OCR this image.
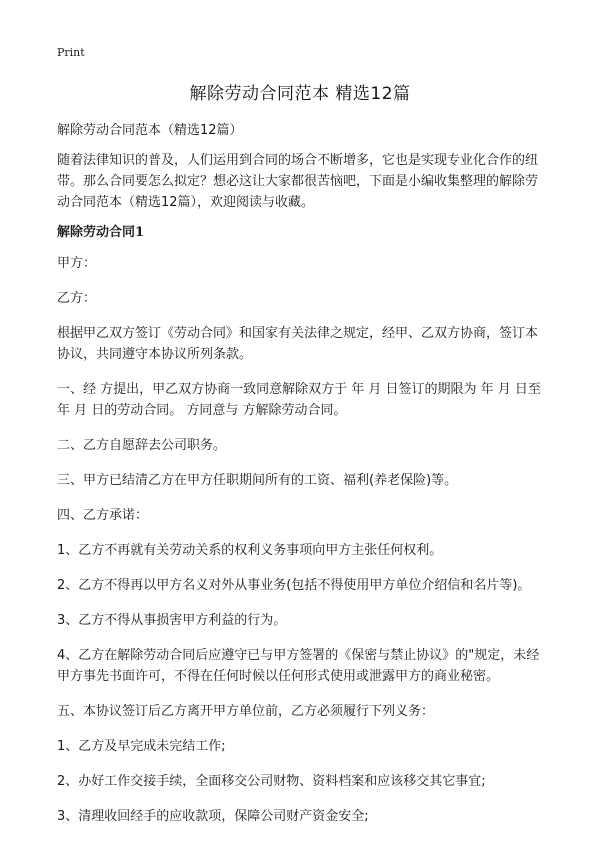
Print
解除劳动合同范本 精选12篇

解除劳动合同范本（精选12篇）

随着法律知识的普及，人们运用到合同的场合不断增多，它也是实现专业化合作的纽带。那么合同要怎么拟定？想必这让大家都很苦恼吧，下面是小编收集整理的解除劳动合同范本（精选12篇），欢迎阅读与收藏。

解除劳动合同1

甲方：

乙方：

根据甲乙双方签订《劳动合同》和国家有关法律之规定，经甲、乙双方协商，签订本协议，共同遵守本协议所列条款。

一、经 方提出，甲乙双方协商一致同意解除双方于 年 月 日签订的期限为 年 月 日至 年 月 日的劳动合同。 方同意与 方解除劳动合同。

二、乙方自愿辞去公司职务。

三、甲方已结清乙方在甲方任职期间所有的工资、福利(养老保险)等。

四、乙方承诺：

1、乙方不再就有关劳动关系的权利义务事项向甲方主张任何权利。

2、乙方不得再以甲方名义对外从事业务(包括不得使用甲方单位介绍信和名片等)。

3、乙方不得从事损害甲方利益的行为。

4、乙方在解除劳动合同后应遵守已与甲方签署的《保密与禁止协议》的"规定，未经甲方事先书面许可，不得在任何时候以任何形式使用或泄露甲方的商业秘密。

五、本协议签订后乙方离开甲方单位前，乙方必须履行下列义务：

1、乙方及早完成未完结工作;

2、办好工作交接手续，全面移交公司财物、资料档案和应该移交其它事宜;

3、清理收回经手的应收款项，保障公司财产资金安全;
